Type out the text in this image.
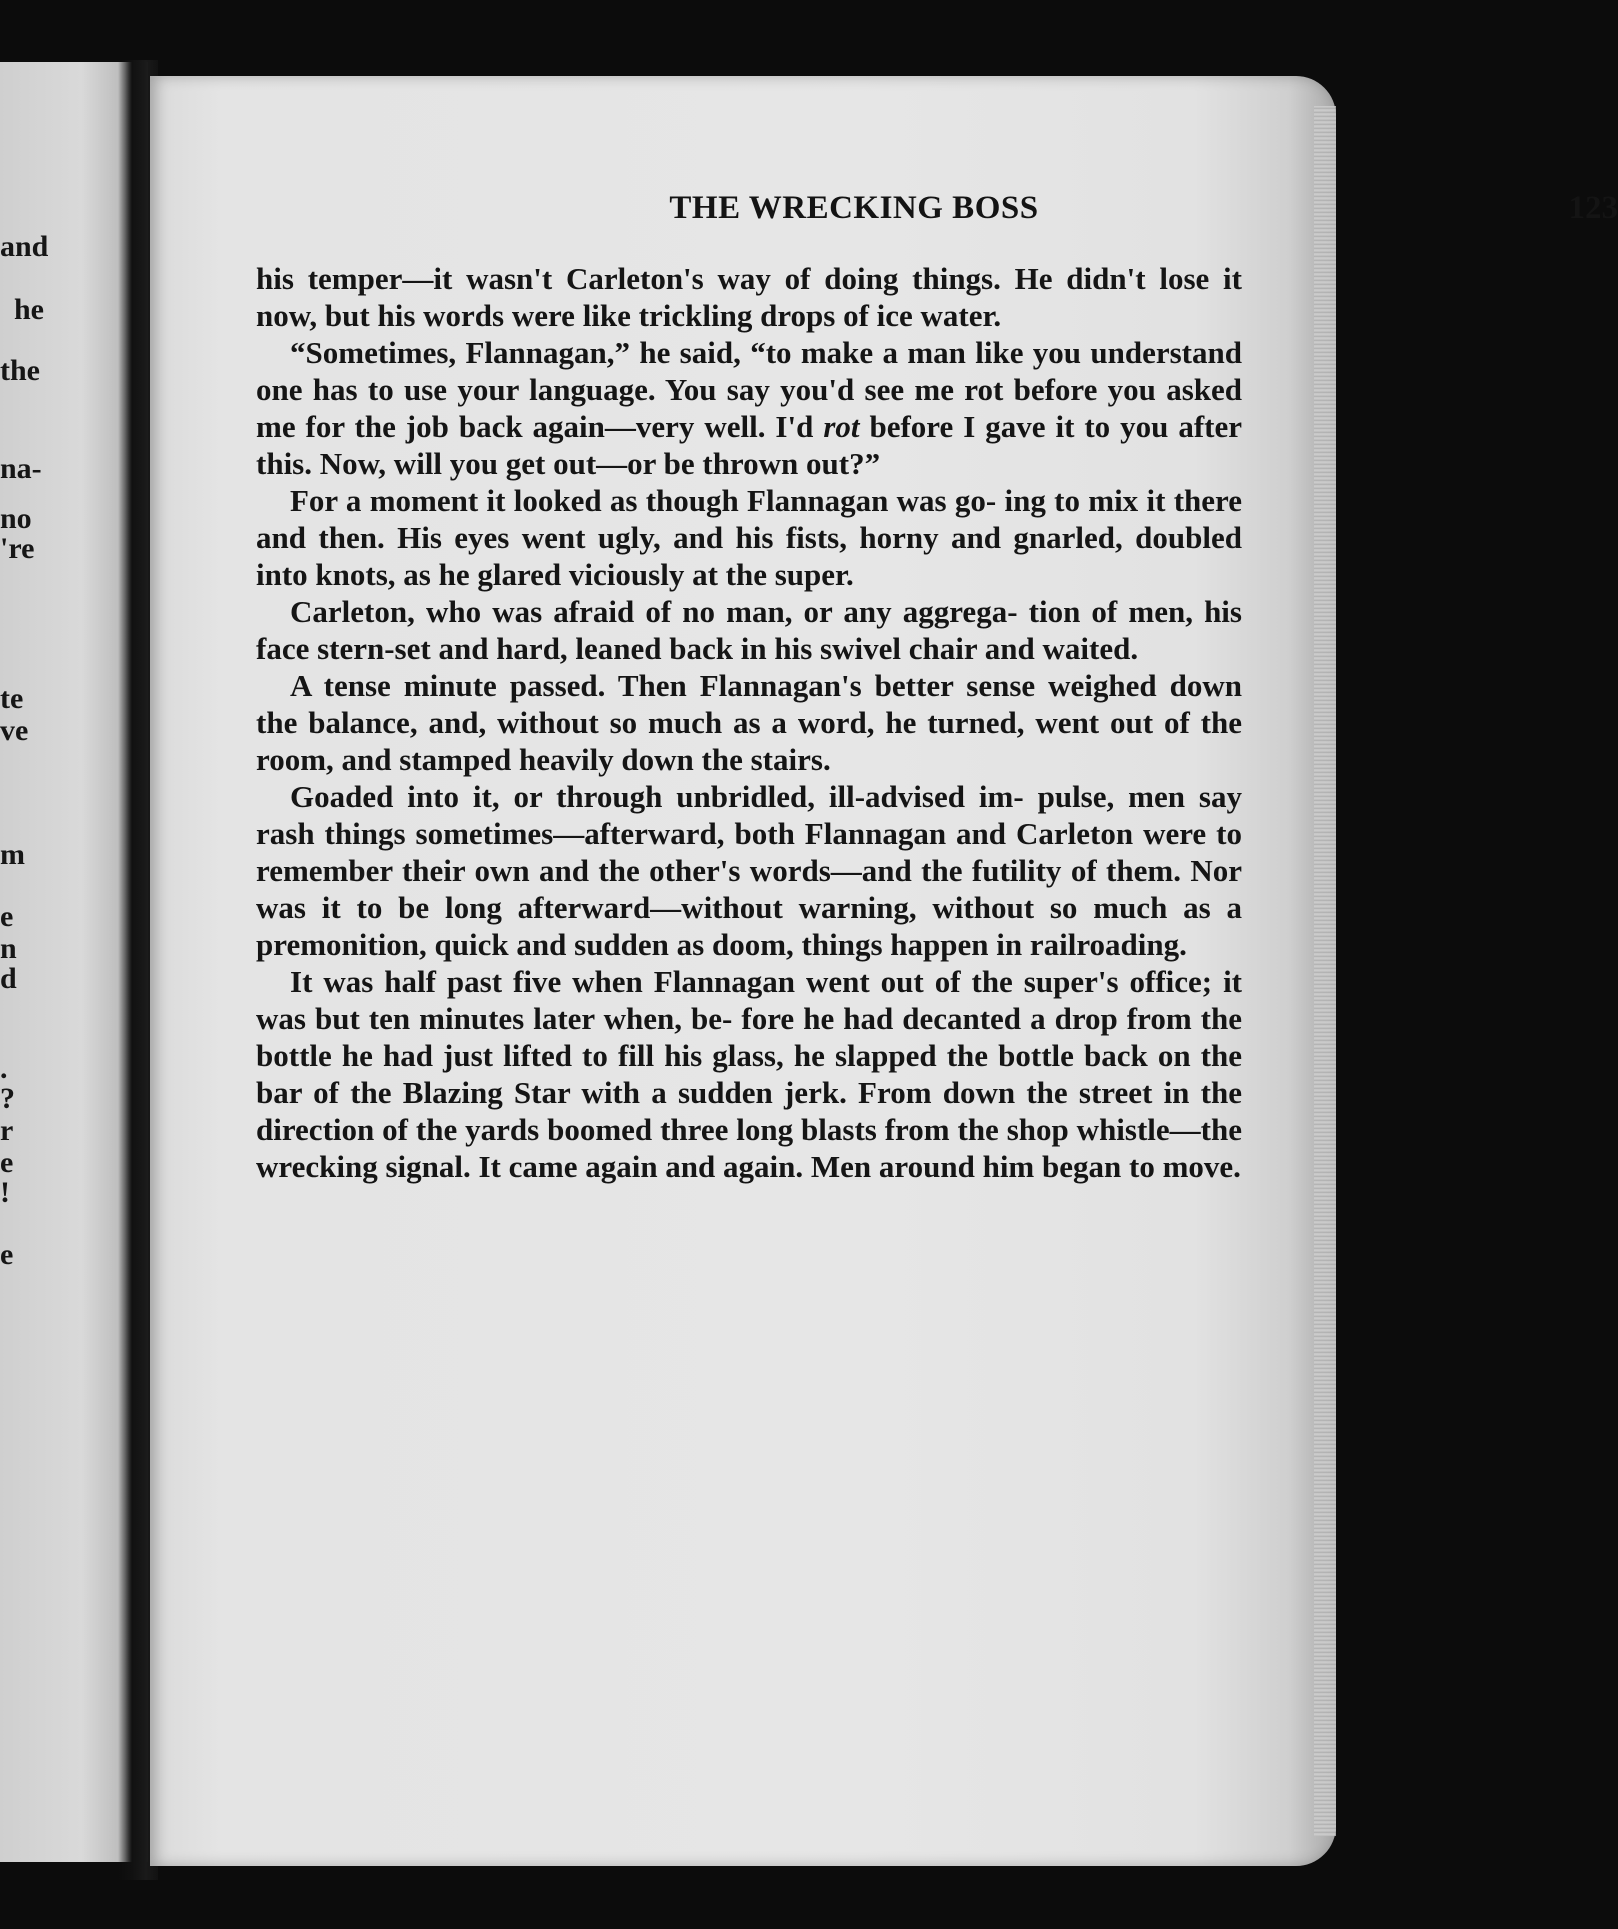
and
he
the
na-
no
're
te
ve
m
e
n
d
.
?
r
e
!
e
THE WRECKING BOSS	123

his temper—it wasn't Carleton's way of doing things. He didn't lose it now, but his words were like trickling drops of ice water.

“Sometimes, Flannagan,” he said, “to make a man like you understand one has to use your language. You say you'd see me rot before you asked me for the job back again—very well. I'd rot before I gave it to you after this. Now, will you get out—or be thrown out?”

For a moment it looked as though Flannagan was go- ing to mix it there and then. His eyes went ugly, and his fists, horny and gnarled, doubled into knots, as he glared viciously at the super.

Carleton, who was afraid of no man, or any aggrega- tion of men, his face stern-set and hard, leaned back in his swivel chair and waited.

A tense minute passed. Then Flannagan's better sense weighed down the balance, and, without so much as a word, he turned, went out of the room, and stamped heavily down the stairs.

Goaded into it, or through unbridled, ill-advised im- pulse, men say rash things sometimes—afterward, both Flannagan and Carleton were to remember their own and the other's words—and the futility of them. Nor was it to be long afterward—without warning, without so much as a premonition, quick and sudden as doom, things happen in railroading.

It was half past five when Flannagan went out of the super's office; it was but ten minutes later when, be- fore he had decanted a drop from the bottle he had just lifted to fill his glass, he slapped the bottle back on the bar of the Blazing Star with a sudden jerk. From down the street in the direction of the yards boomed three long blasts from the shop whistle—the wrecking signal. It came again and again. Men around him began to move.
